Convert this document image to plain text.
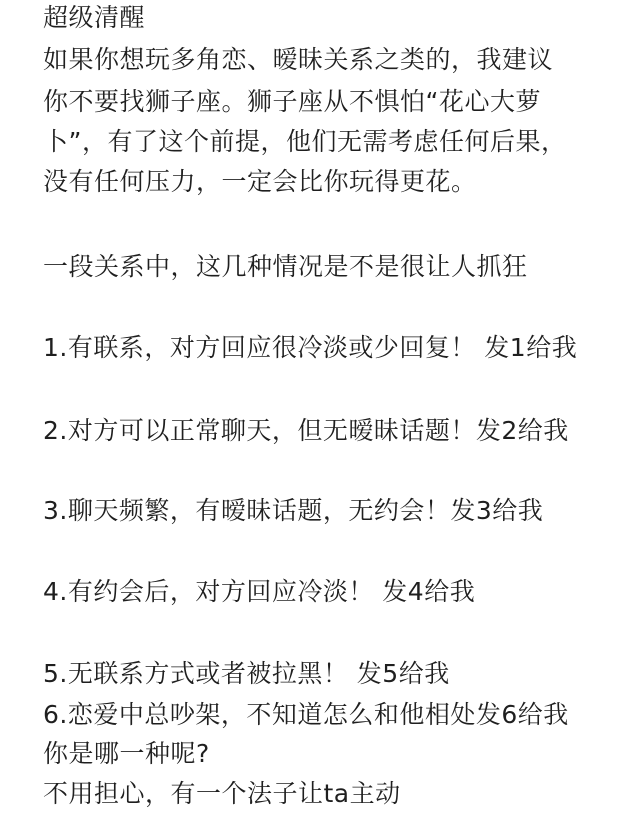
超级清醒

如果你想玩多角恋、暧昧关系之类的，我建议

你不要找狮子座。狮子座从不惧怕“花心大萝

卜”，有了这个前提，他们无需考虑任何后果，

没有任何压力，一定会比你玩得更花。

一段关系中，这几种情况是不是很让人抓狂

1.有联系，对方回应很冷淡或少回复！ 发1给我

2.对方可以正常聊天，但无暧昧话题！发2给我

3.聊天频繁，有暧昧话题，无约会！发3给我

4.有约会后，对方回应冷淡！ 发4给我

5.无联系方式或者被拉黑！ 发5给我

6.恋爱中总吵架，不知道怎么和他相处发6给我

你是哪一种呢?

不用担心，有一个法子让ta主动
